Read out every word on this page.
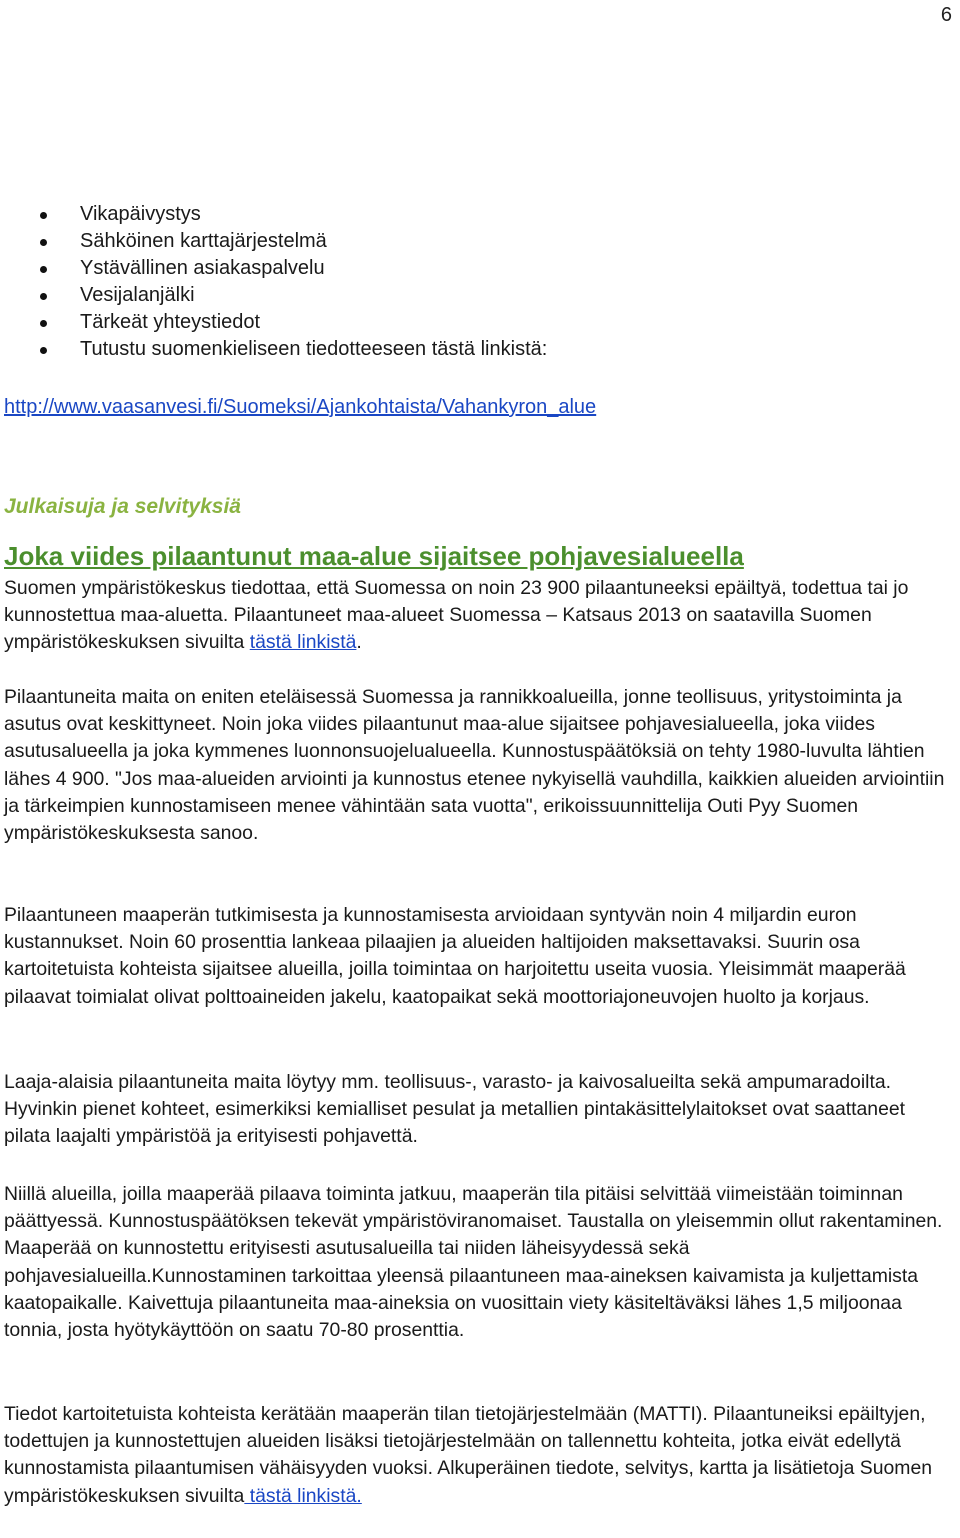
6
Vikapäivystys
Sähköinen karttajärjestelmä
Ystävällinen asiakaspalvelu
Vesijalanjälki
Tärkeät yhteystiedot
Tutustu suomenkieliseen tiedotteeseen tästä linkistä:
http://www.vaasanvesi.fi/Suomeksi/Ajankohtaista/Vahankyron_alue
Julkaisuja ja selvityksiä
Joka viides pilaantunut maa-alue sijaitsee pohjavesialueella

Suomen ympäristökeskus tiedottaa, että Suomessa on noin 23 900 pilaantuneeksi epäiltyä, todettua tai jo kunnostettua maa-aluetta. Pilaantuneet maa-alueet Suomessa – Katsaus 2013 on saatavilla Suomen ympäristökeskuksen sivuilta tästä linkistä.

Pilaantuneita maita on eniten eteläisessä Suomessa ja rannikkoalueilla, jonne teollisuus, yritystoiminta ja asutus ovat keskittyneet. Noin joka viides pilaantunut maa-alue sijaitsee pohjavesialueella, joka viides asutusalueella ja joka kymmenes luonnonsuojelualueella. Kunnostuspäätöksiä on tehty 1980-luvulta lähtien lähes 4 900. "Jos maa-alueiden arviointi ja kunnostus etenee nykyisellä vauhdilla, kaikkien alueiden arviointiin ja tärkeimpien kunnostamiseen menee vähintään sata vuotta", erikoissuunnittelija Outi Pyy Suomen ympäristökeskuksesta sanoo.

Pilaantuneen maaperän tutkimisesta ja kunnostamisesta arvioidaan syntyvän noin 4 miljardin euron kustannukset. Noin 60 prosenttia lankeaa pilaajien ja alueiden haltijoiden maksettavaksi. Suurin osa kartoitetuista kohteista sijaitsee alueilla, joilla toimintaa on harjoitettu useita vuosia. Yleisimmät maaperää pilaavat toimialat olivat polttoaineiden jakelu, kaatopaikat sekä moottoriajoneuvojen huolto ja korjaus.

Laaja-alaisia pilaantuneita maita löytyy mm. teollisuus-, varasto- ja kaivosalueilta sekä ampumaradoilta. Hyvinkin pienet kohteet, esimerkiksi kemialliset pesulat ja metallien pintakäsittelylaitokset ovat saattaneet pilata laajalti ympäristöä ja erityisesti pohjavettä.

Niillä alueilla, joilla maaperää pilaava toiminta jatkuu, maaperän tila pitäisi selvittää viimeistään toiminnan päättyessä. Kunnostuspäätöksen tekevät ympäristöviranomaiset. Taustalla on yleisemmin ollut rakentaminen. Maaperää on kunnostettu erityisesti asutusalueilla tai niiden läheisyydessä sekä pohjavesialueilla.Kunnostaminen tarkoittaa yleensä pilaantuneen maa-aineksen kaivamista ja kuljettamista kaatopaikalle. Kaivettuja pilaantuneita maa-aineksia on vuosittain viety käsiteltäväksi lähes 1,5 miljoonaa tonnia, josta hyötykäyttöön on saatu 70-80 prosenttia.

Tiedot kartoitetuista kohteista kerätään maaperän tilan tietojärjestelmään (MATTI). Pilaantuneiksi epäiltyjen, todettujen ja kunnostettujen alueiden lisäksi tietojärjestelmään on tallennettu kohteita, jotka eivät edellytä kunnostamista pilaantumisen vähäisyyden vuoksi. Alkuperäinen tiedote, selvitys, kartta ja lisätietoja Suomen ympäristökeskuksen sivuilta tästä linkistä.
